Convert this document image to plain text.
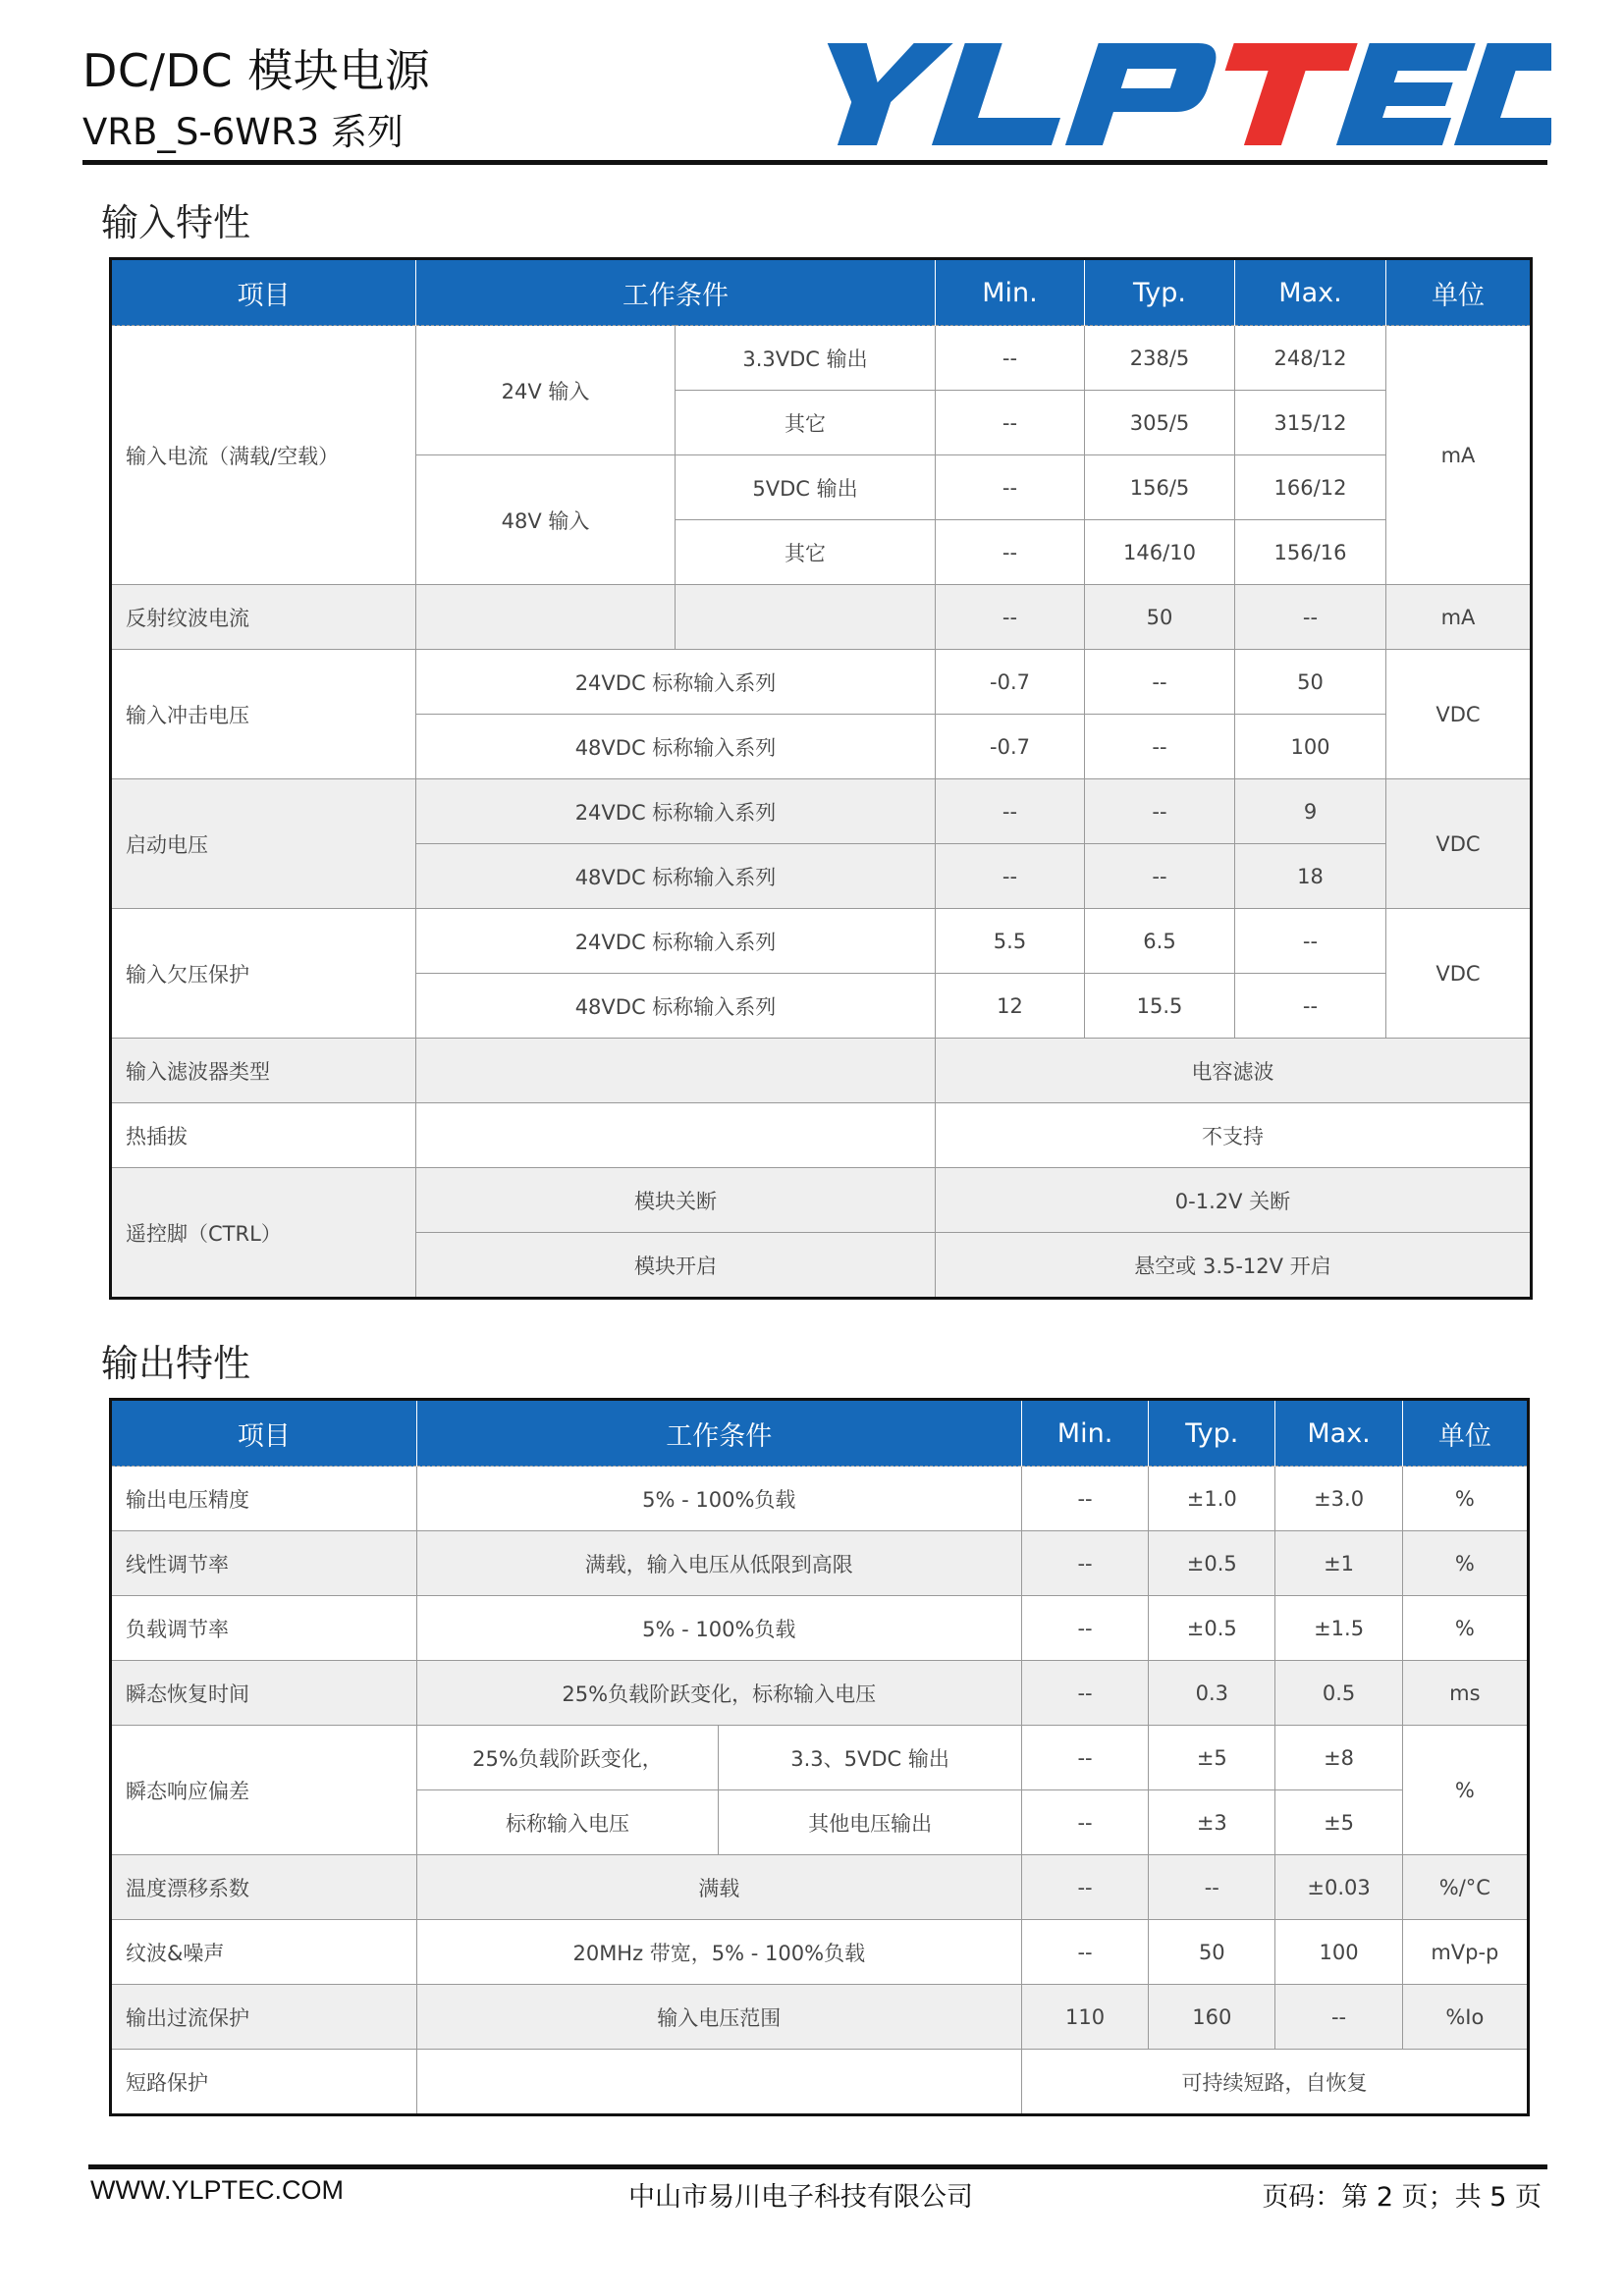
DC/DC 模块电源
VRB_S-6WR3 系列
输入特性
项目	工作条件		Min.	Typ.	Max.	单位
输入电流（满载/空载）	24V 输入	3.3VDC 输出	--	238/5	248/12	mA
		其它	--	305/5	315/12	
	48V 输入	5VDC 输出	--	156/5	166/12	
		其它	--	146/10	156/16	
反射纹波电流			--	50	--	mA
输入冲击电压	24VDC 标称输入系列		-0.7	--	50	VDC
	48VDC 标称输入系列		-0.7	--	100	
启动电压	24VDC 标称输入系列		--	--	9	VDC
	48VDC 标称输入系列		--	--	18	
输入欠压保护	24VDC 标称输入系列		5.5	6.5	--	VDC
	48VDC 标称输入系列		12	15.5	--	
输入滤波器类型			电容滤波			
热插拔			不支持			
遥控脚（CTRL）	模块关断		0-1.2V 关断			
	模块开启		悬空或 3.5-12V 开启			
输出特性
项目	工作条件		Min.	Typ.	Max.	单位
输出电压精度	5% - 100%负载		--	±1.0	±3.0	%
线性调节率	满载，输入电压从低限到高限		--	±0.5	±1	%
负载调节率	5% - 100%负载		--	±0.5	±1.5	%
瞬态恢复时间	25%负载阶跃变化，标称输入电压		--	0.3	0.5	ms
瞬态响应偏差	25%负载阶跃变化，	3.3、5VDC 输出	--	±5	±8	%
	标称输入电压	其他电压输出	--	±3	±5	
温度漂移系数	满载		--	--	±0.03	%/°C
纹波&噪声	20MHz 带宽，5% - 100%负载		--	50	100	mVp-p
输出过流保护	输入电压范围		110	160	--	%Io
短路保护			可持续短路，自恢复			
WWW.YLPTEC.COM	中山市易川电子科技有限公司	页码：第 2 页；共 5 页
